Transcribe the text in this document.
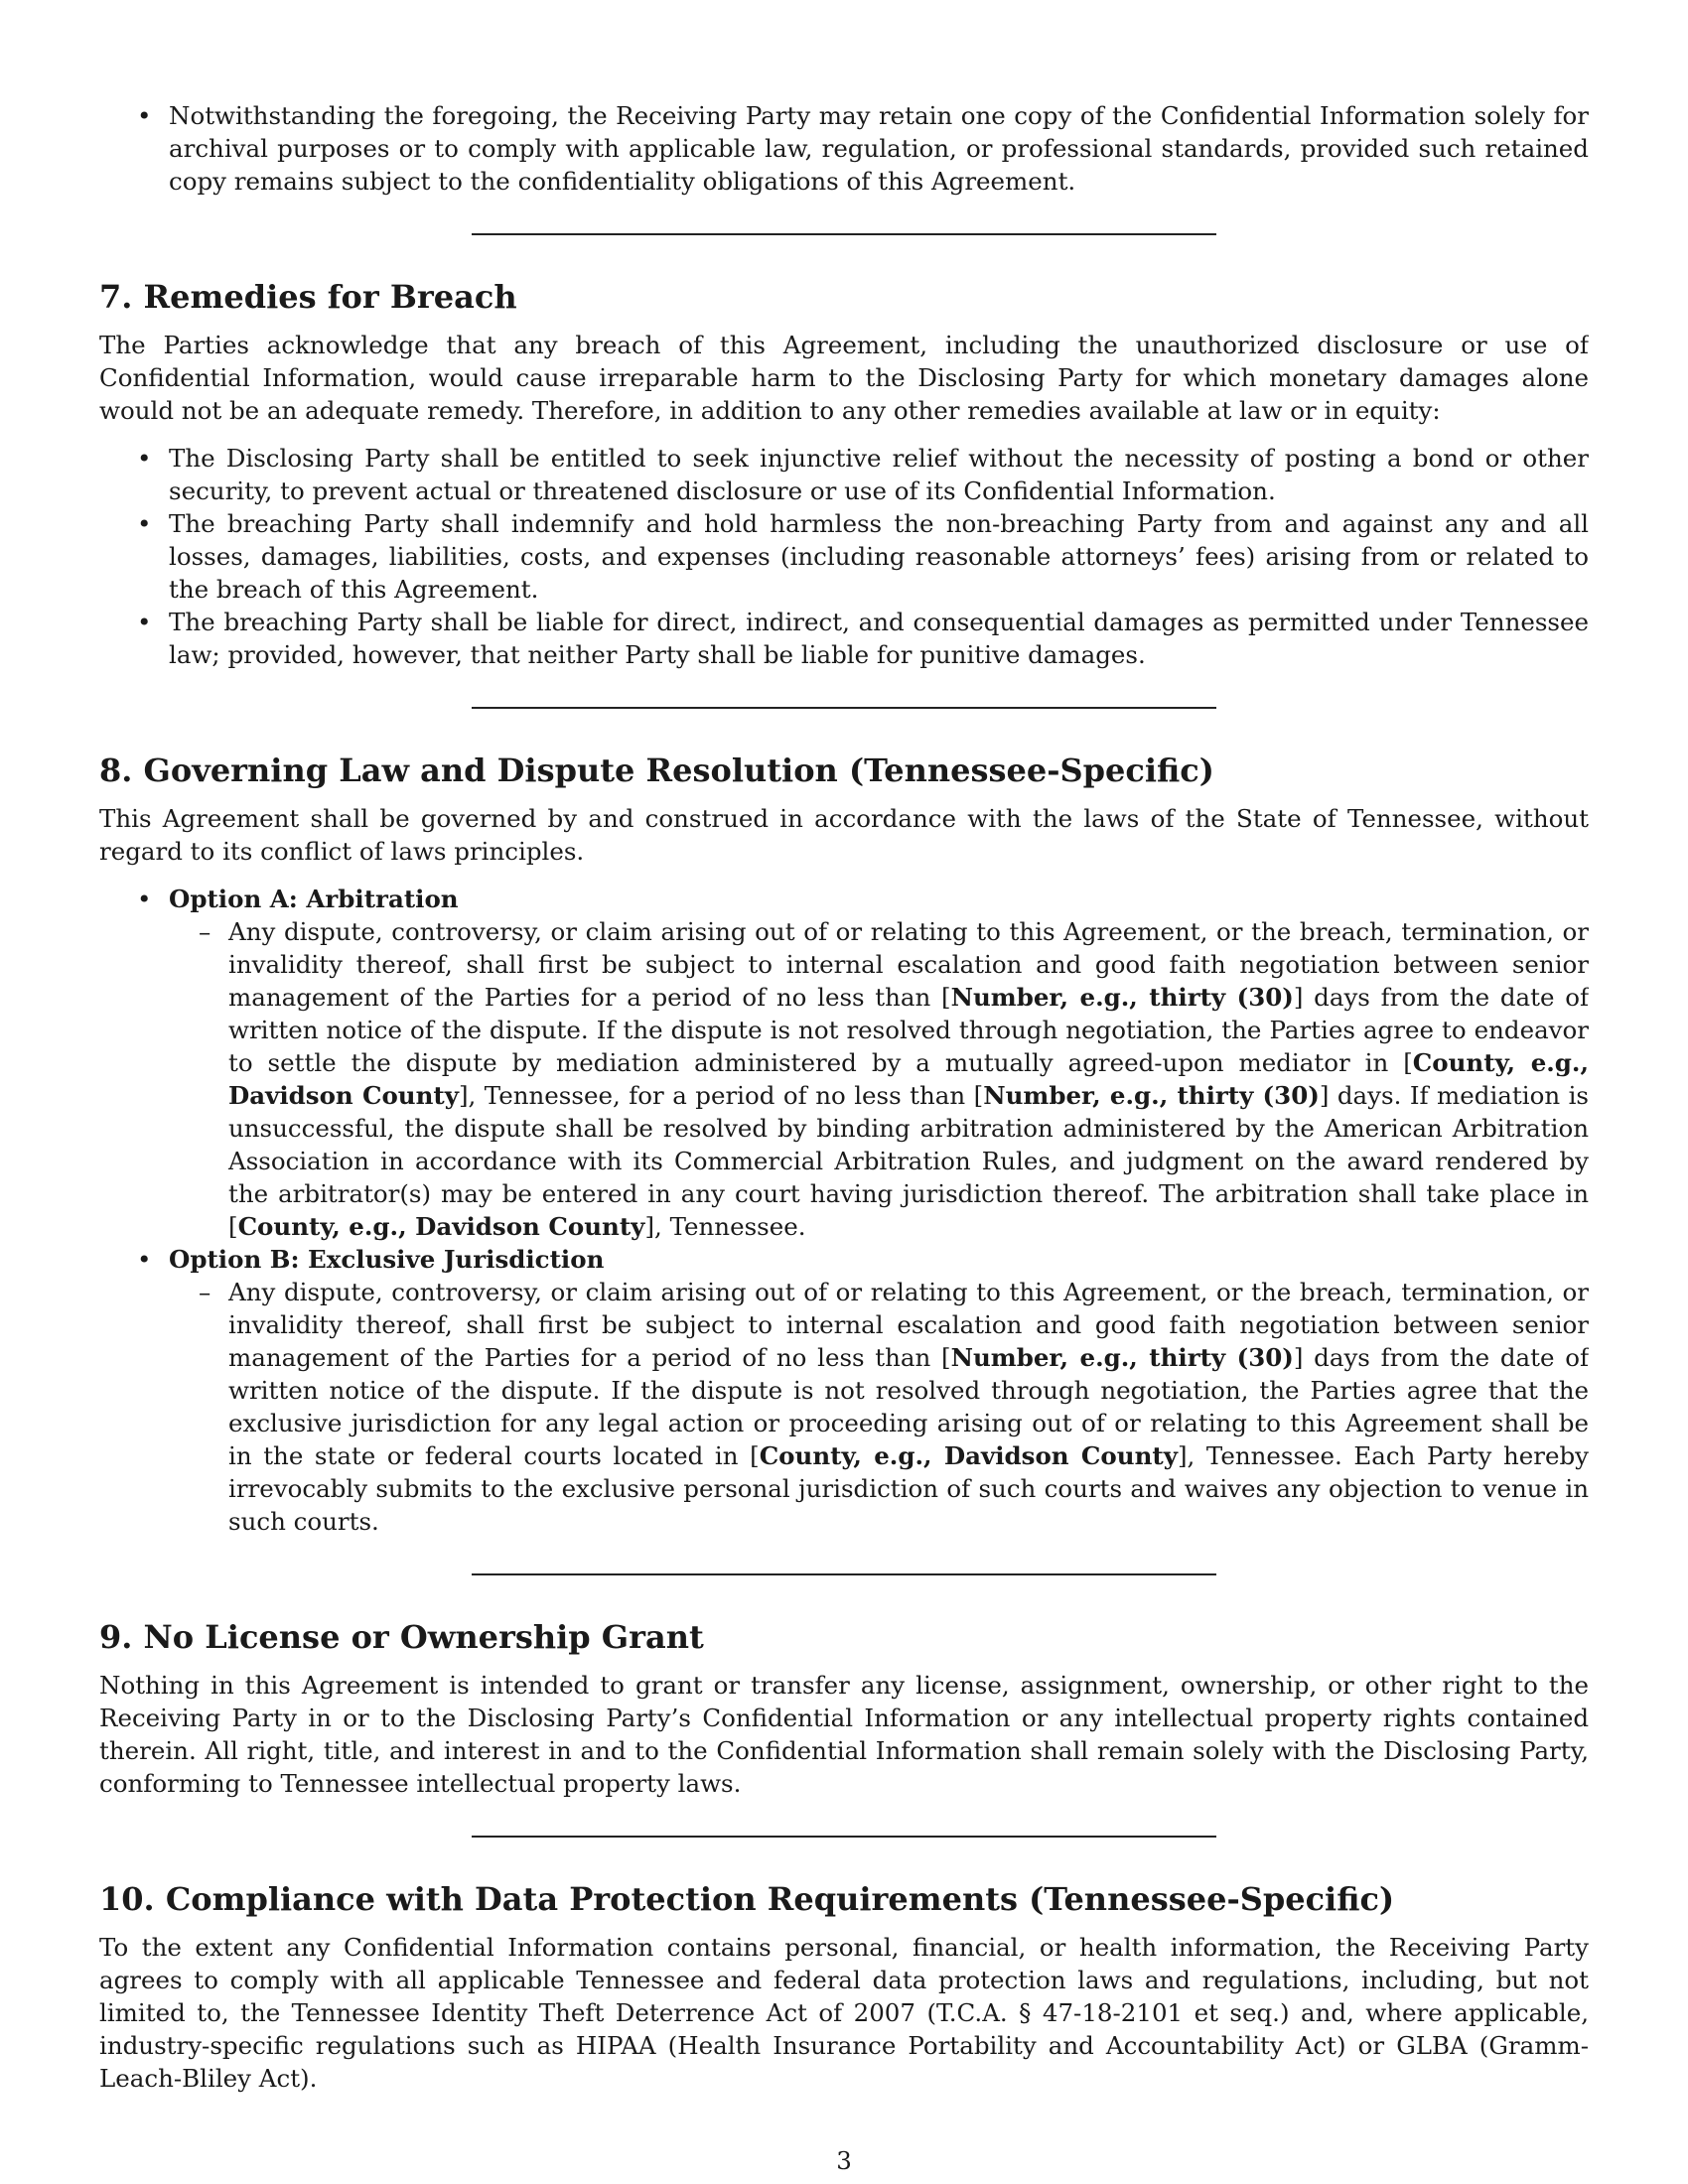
• Notwithstanding the foregoing, the Receiving Party may retain one copy of the Confidential Information solely for archival purposes or to comply with applicable law, regulation, or professional standards, provided such retained copy remains subject to the confidentiality obligations of this Agreement.
7. Remedies for Breach

The Parties acknowledge that any breach of this Agreement, including the unauthorized disclosure or use of Confidential Information, would cause irreparable harm to the Disclosing Party for which monetary damages alone would not be an adequate remedy. Therefore, in addition to any other remedies available at law or in equity:

• The Disclosing Party shall be entitled to seek injunctive relief without the necessity of posting a bond or other security, to prevent actual or threatened disclosure or use of its Confidential Information.
• The breaching Party shall indemnify and hold harmless the non-breaching Party from and against any and all losses, damages, liabilities, costs, and expenses (including reasonable attorneys’ fees) arising from or related to the breach of this Agreement.
• The breaching Party shall be liable for direct, indirect, and consequential damages as permitted under Tennessee law; provided, however, that neither Party shall be liable for punitive damages.
8. Governing Law and Dispute Resolution (Tennessee-Specific)

This Agreement shall be governed by and construed in accordance with the laws of the State of Tennessee, without regard to its conflict of laws principles.

• Option A: Arbitration
– Any dispute, controversy, or claim arising out of or relating to this Agreement, or the breach, termination, or invalidity thereof, shall first be subject to internal escalation and good faith negotiation between senior management of the Parties for a period of no less than [Number, e.g., thirty (30)] days from the date of written notice of the dispute. If the dispute is not resolved through negotiation, the Parties agree to endeavor to settle the dispute by mediation administered by a mutually agreed-upon mediator in [County, e.g., Davidson County], Tennessee, for a period of no less than [Number, e.g., thirty (30)] days. If mediation is unsuccessful, the dispute shall be resolved by binding arbitration administered by the American Arbitration Association in accordance with its Commercial Arbitration Rules, and judgment on the award rendered by the arbitrator(s) may be entered in any court having jurisdiction thereof. The arbitration shall take place in [County, e.g., Davidson County], Tennessee.
• Option B: Exclusive Jurisdiction
– Any dispute, controversy, or claim arising out of or relating to this Agreement, or the breach, termination, or invalidity thereof, shall first be subject to internal escalation and good faith negotiation between senior management of the Parties for a period of no less than [Number, e.g., thirty (30)] days from the date of written notice of the dispute. If the dispute is not resolved through negotiation, the Parties agree that the exclusive jurisdiction for any legal action or proceeding arising out of or relating to this Agreement shall be in the state or federal courts located in [County, e.g., Davidson County], Tennessee. Each Party hereby irrevocably submits to the exclusive personal jurisdiction of such courts and waives any objection to venue in such courts.
9. No License or Ownership Grant

Nothing in this Agreement is intended to grant or transfer any license, assignment, ownership, or other right to the Receiving Party in or to the Disclosing Party’s Confidential Information or any intellectual property rights contained therein. All right, title, and interest in and to the Confidential Information shall remain solely with the Disclosing Party, conforming to Tennessee intellectual property laws.

10. Compliance with Data Protection Requirements (Tennessee-Specific)

To the extent any Confidential Information contains personal, financial, or health information, the Receiving Party agrees to comply with all applicable Tennessee and federal data protection laws and regulations, including, but not limited to, the Tennessee Identity Theft Deterrence Act of 2007 (T.C.A. § 47-18-2101 et seq.) and, where applicable, industry-specific regulations such as HIPAA (Health Insurance Portability and Accountability Act) or GLBA (Gramm-Leach-Bliley Act).

3
